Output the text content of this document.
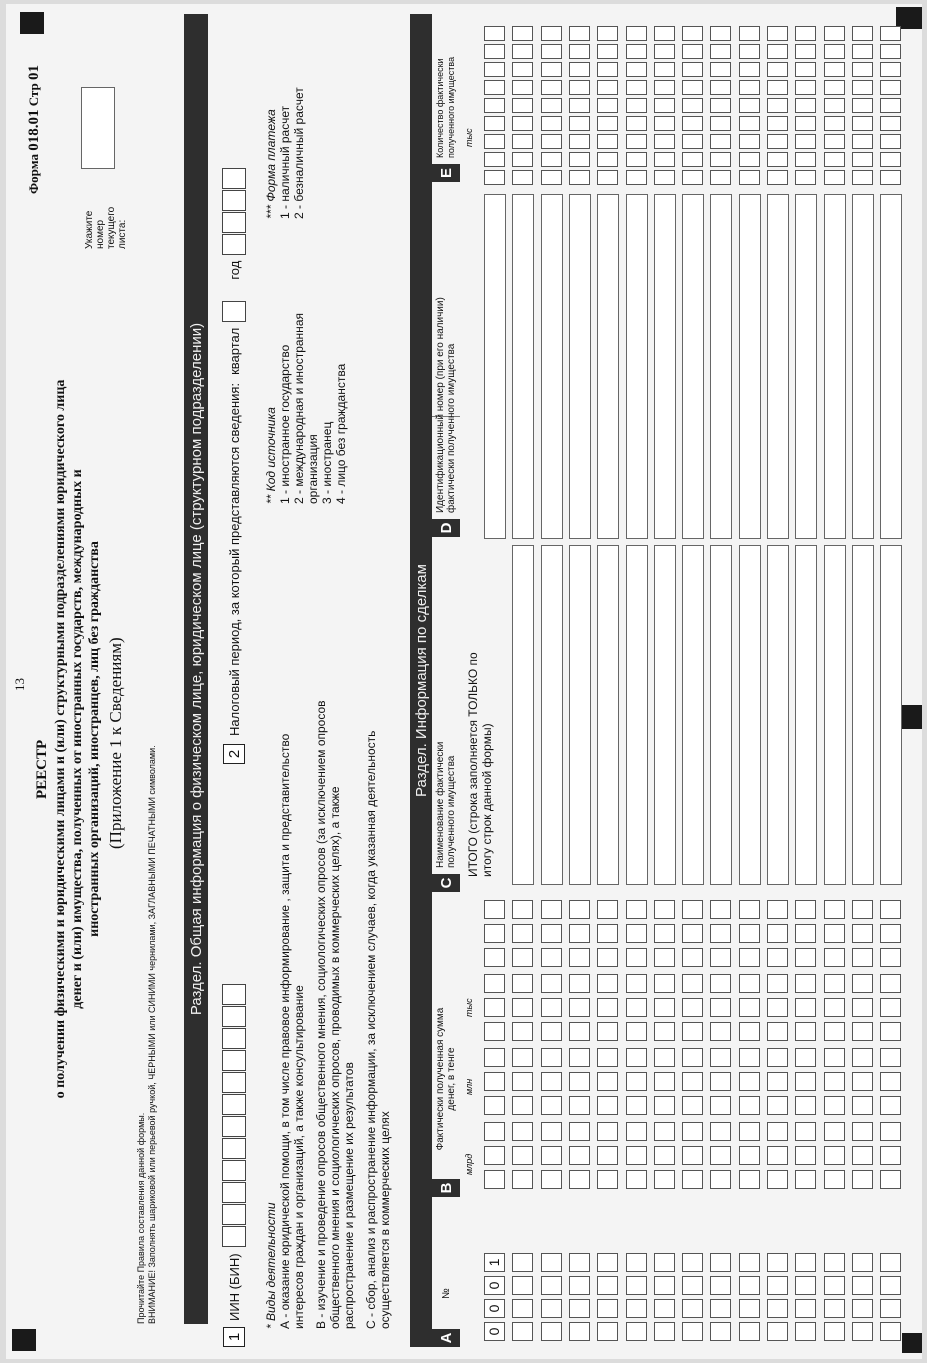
13
Форма 018.01 Стр 01
Укажите номер текущего листа:
РЕЕСТР о получении физическими и юридическими лицами и (или) структурными подразделениями юридического лица денег и (или) имущества, полученных от иностранных государств, международных и иностранных организаций, иностранцев, лиц без гражданства (Приложение 1 к Сведениям)
Прочитайте Правила составления данной формы. ВНИМАНИЕ! Заполнять шариковой или перьевой ручкой, ЧЕРНЫМИ или СИНИМИ чернилами, ЗАГЛАВНЫМИ ПЕЧАТНЫМИ символами.
Раздел. Общая информация о физическом лице, юридическом лице (структурном подразделении)
1
ИИН (БИН)
2
Налоговый период, за который представляются сведения:
квартал
год
* Виды деятельности А - оказание юридической помощи, в том числе правовое информирование , защита и представительство интересов граждан и организаций, а также консультирование В - изучение и проведение опросов общественного мнения, социологических опросов (за исключением опросов общественного мнения и социологических опросов, проводимых в коммерческих целях), а также распространение и размещение их результатов С - сбор, анализ и распространение информации, за исключением случаев, когда указанная деятельность осуществляется в коммерческих целях
** Код источника 1 - иностранное государство 2 - международная и иностранная организация 3 - иностранец 4 - лицо без гражданства
*** Форма платежа 1 - наличный расчет 2 - безналичный расчет
Раздел. Информация по сделкам
A
№
B
Фактически полученная сумма денег, в тенге
C
Наименование фактически полученного имущества
D
Идентификационный номер (при его наличии) фактически полученного имущества
E
Количество фактически полученного имущества
млрд
млн
тыс
тыс
ИТОГО (строка заполняется ТОЛЬКО по итогу строк данной формы)
0
0
0
1
